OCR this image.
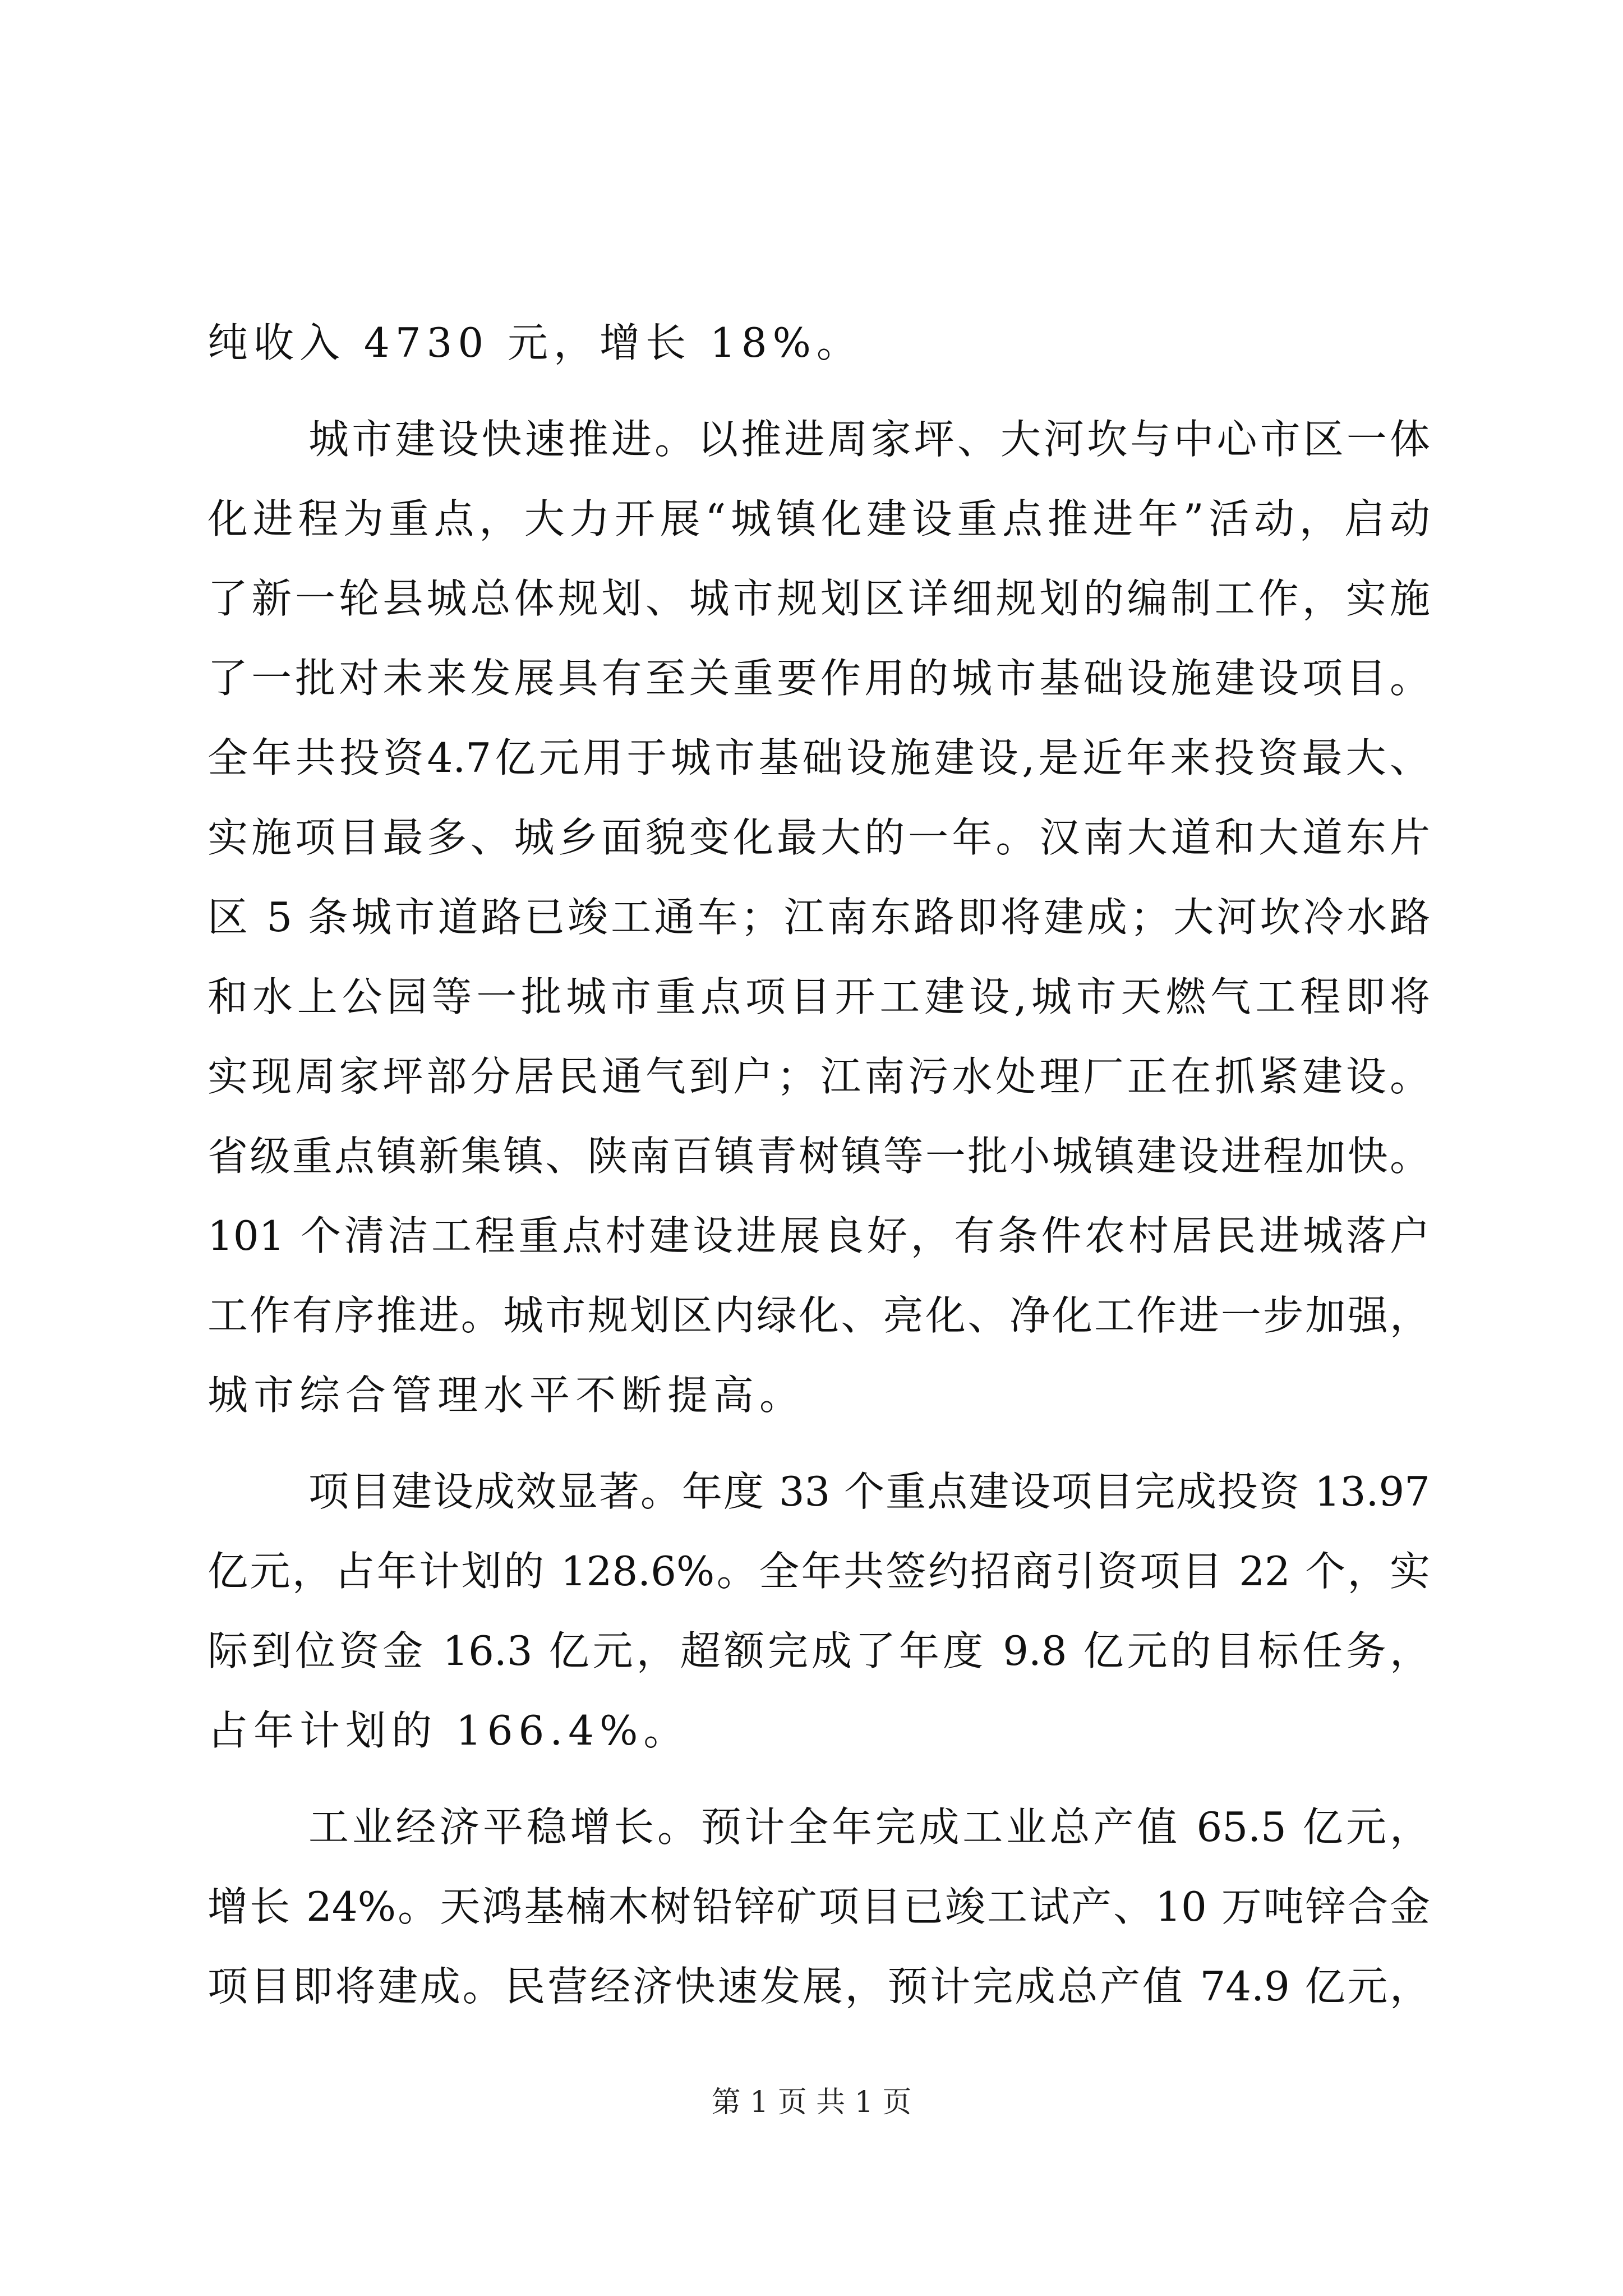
纯收入 4730 元，增长 18%。
城市建设快速推进。以推进周家坪、大河坎与中心市区一体
化进程为重点，大力开展“城镇化建设重点推进年”活动，启动
了新一轮县城总体规划、城市规划区详细规划的编制工作，实施
了一批对未来发展具有至关重要作用的城市基础设施建设项目。
全年共投资4.7亿元用于城市基础设施建设,是近年来投资最大、
实施项目最多、城乡面貌变化最大的一年。汉南大道和大道东片
区 5 条城市道路已竣工通车；江南东路即将建成；大河坎冷水路
和水上公园等一批城市重点项目开工建设,城市天燃气工程即将
实现周家坪部分居民通气到户；江南污水处理厂正在抓紧建设。
省级重点镇新集镇、陕南百镇青树镇等一批小城镇建设进程加快。
101 个清洁工程重点村建设进展良好，有条件农村居民进城落户
工作有序推进。城市规划区内绿化、亮化、净化工作进一步加强，
城市综合管理水平不断提高。
项目建设成效显著。年度 33 个重点建设项目完成投资 13.97
亿元，占年计划的 128.6%。全年共签约招商引资项目 22 个，实
际到位资金 16.3 亿元，超额完成了年度 9.8 亿元的目标任务，
占年计划的 166.4%。
工业经济平稳增长。预计全年完成工业总产值 65.5 亿元，
增长 24%。天鸿基楠木树铅锌矿项目已竣工试产、10 万吨锌合金
项目即将建成。民营经济快速发展，预计完成总产值 74.9 亿元，
第 1 页 共 1 页
